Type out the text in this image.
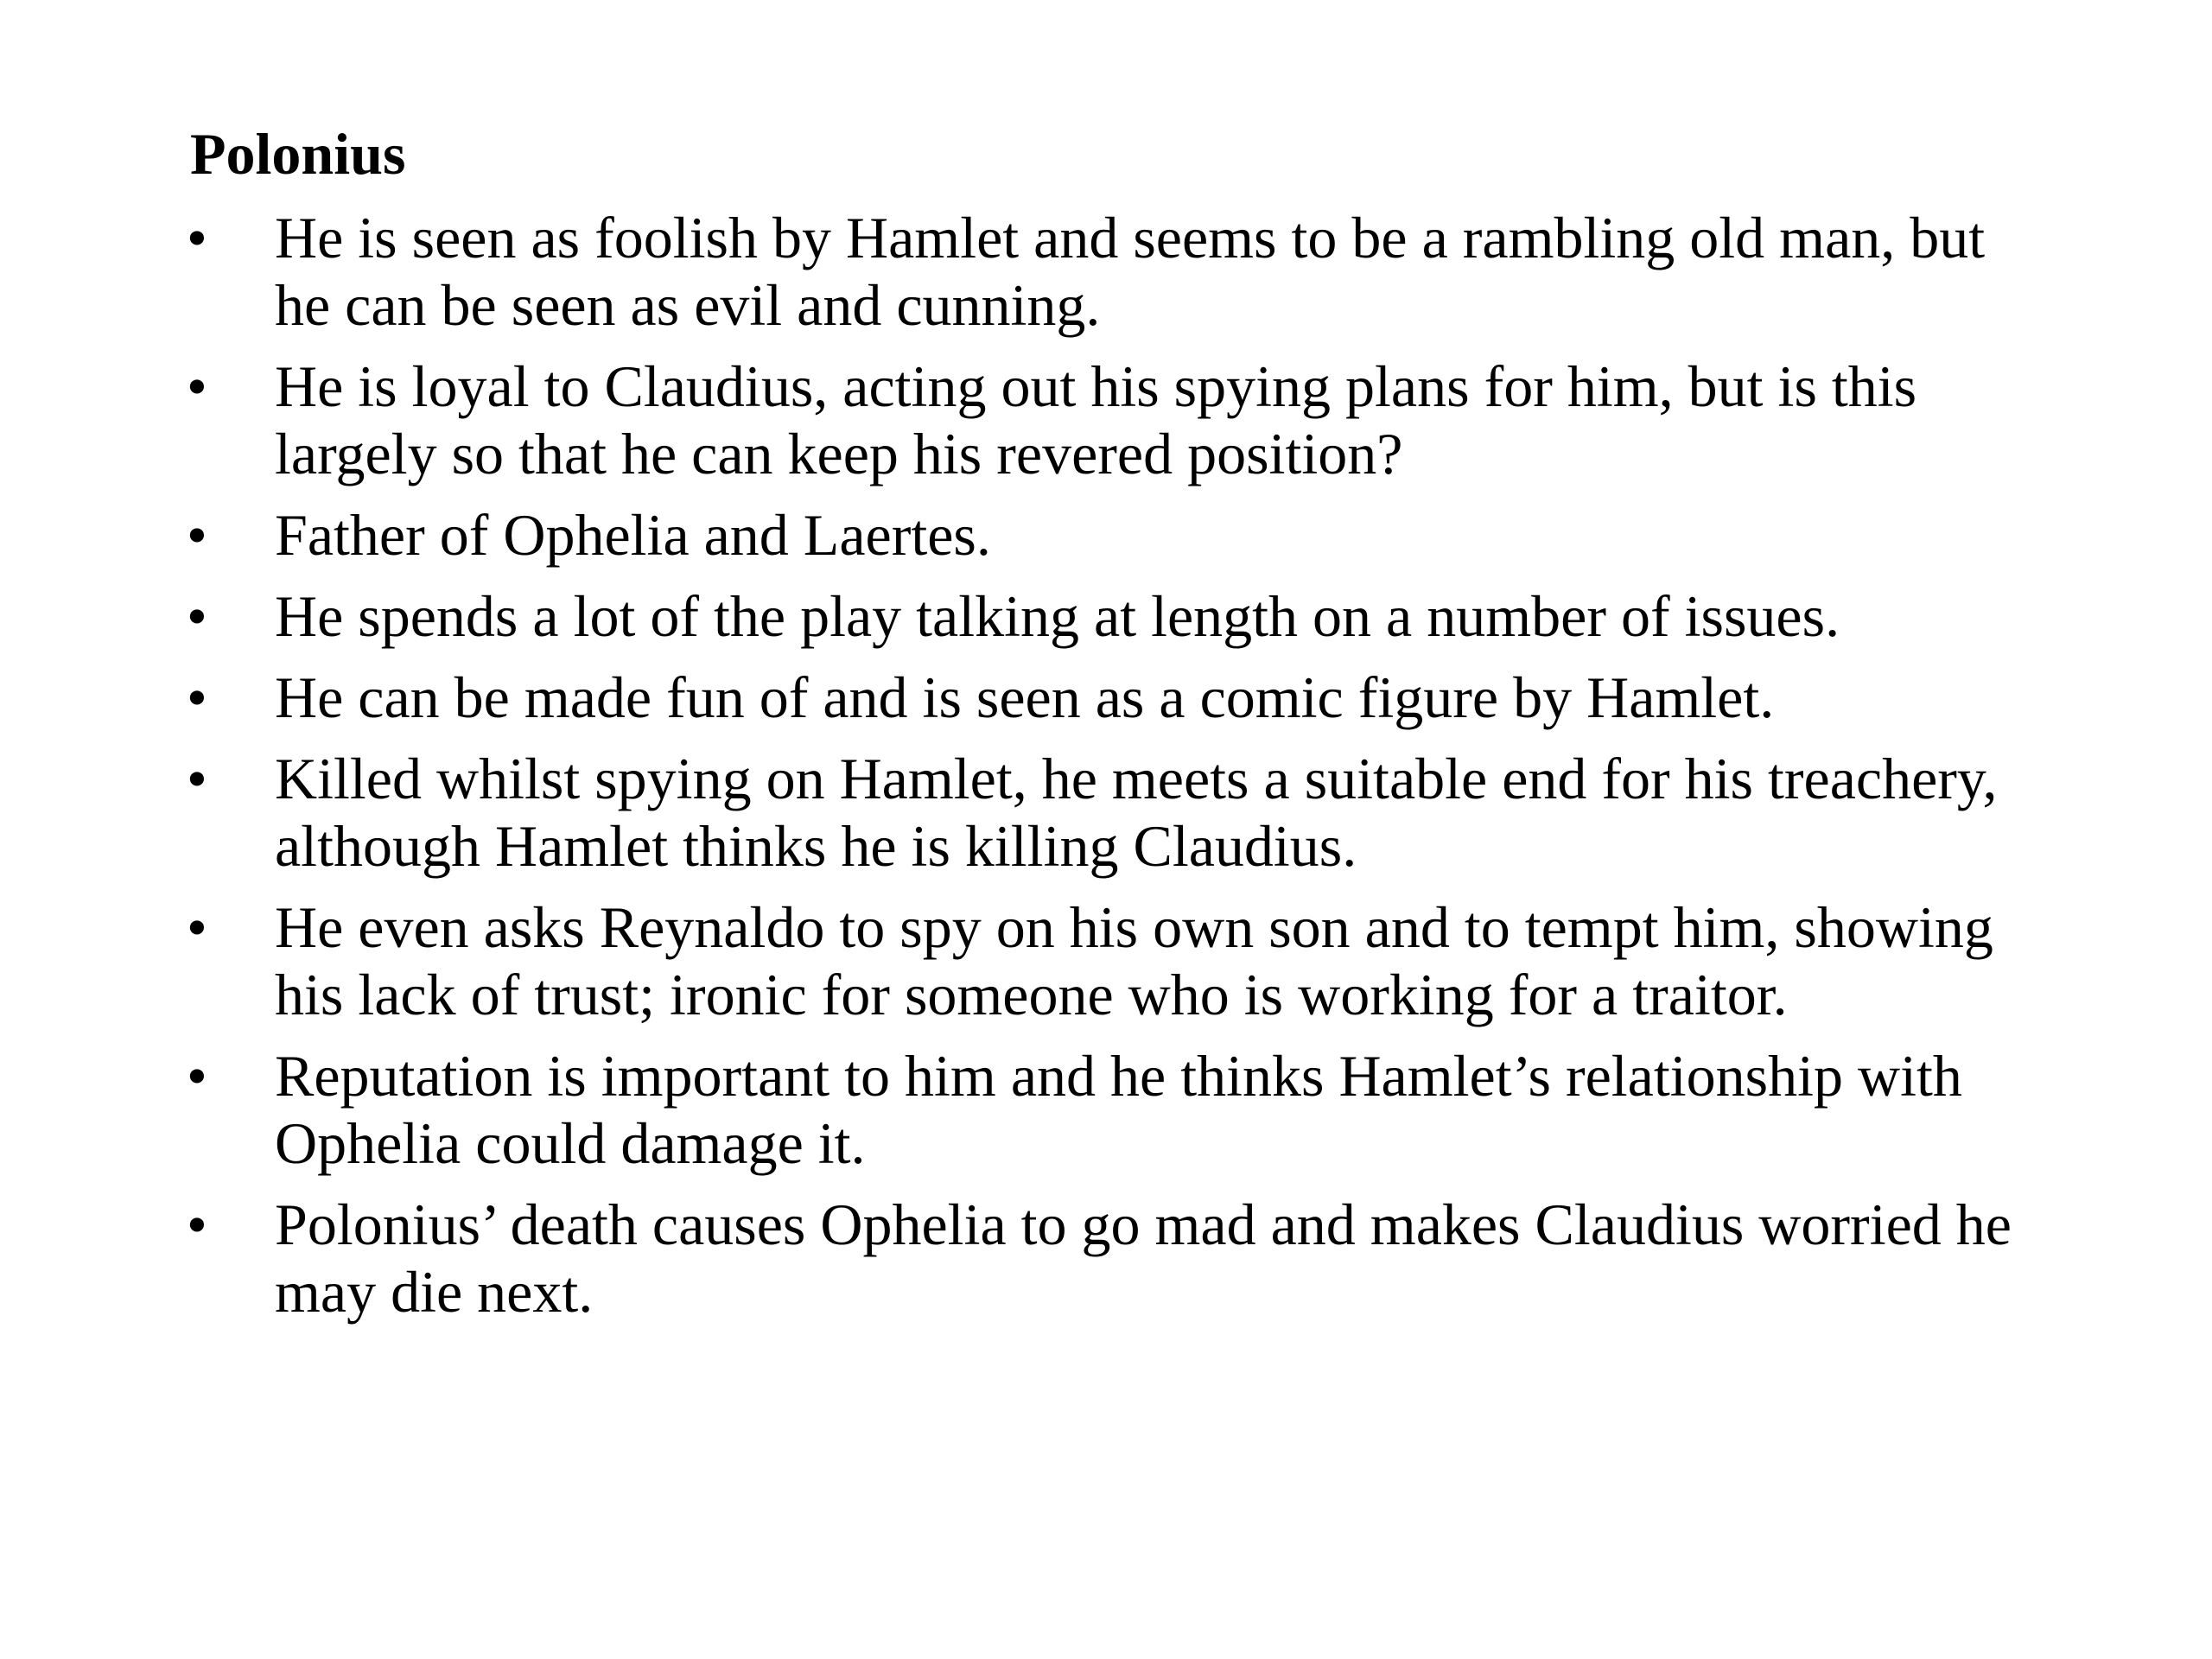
Polonius
•	He is seen as foolish by Hamlet and seems to be a rambling old man, but he can be seen as evil and cunning.
•	He is loyal to Claudius, acting out his spying plans for him, but is this largely so that he can keep his revered position?
•	Father of Ophelia and Laertes.
•	He spends a lot of the play talking at length on a number of issues.
•	He can be made fun of and is seen as a comic figure by Hamlet.
•	Killed whilst spying on Hamlet, he meets a suitable end for his treachery, although Hamlet thinks he is killing Claudius.
•	He even asks Reynaldo to spy on his own son and to tempt him, showing his lack of trust; ironic for someone who is working for a traitor.
•	Reputation is important to him and he thinks Hamlet’s relationship with Ophelia could damage it.
•	Polonius’ death causes Ophelia to go mad and makes Claudius worried he may die next.
